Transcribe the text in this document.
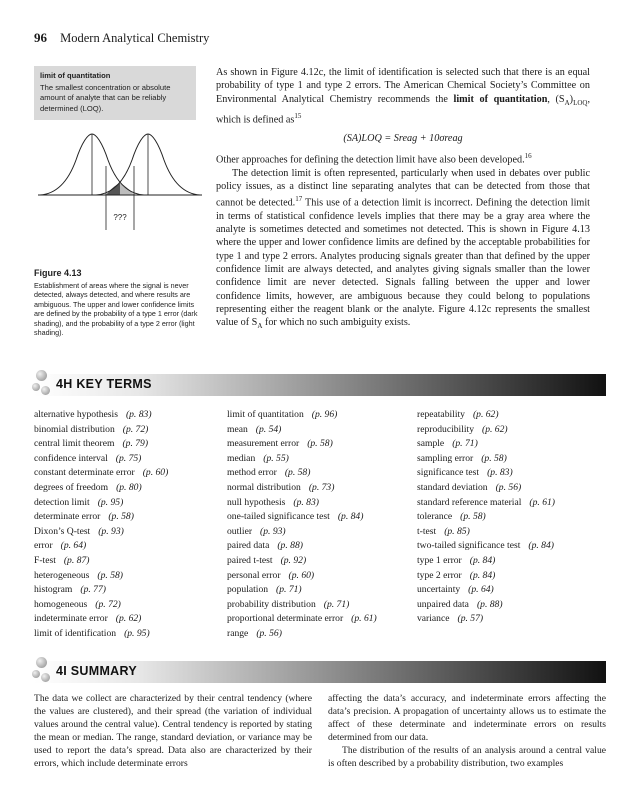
96 Modern Analytical Chemistry
limit of quantitation
The smallest concentration or absolute amount of analyte that can be reliably determined (LOQ).
???
Figure 4.13
Establishment of areas where the signal is never detected, always detected, and where results are ambiguous. The upper and lower confidence limits are defined by the probability of a type 1 error (dark shading), and the probability of a type 2 error (light shading).

As shown in Figure 4.12c, the limit of identification is selected such that there is an equal probability of type 1 and type 2 errors. The American Chemical Society’s Committee on Environmental Analytical Chemistry recommends the limit of quantitation, $(S_A)_{LOQ}$, which is defined $as^{15}$

(SA)LOQ = Sreag + 10σreag

Other approaches for defining the detection limit have also been developed.$^{16}$

The detection limit is often represented, particularly when used in debates over public policy issues, as a distinct line separating analytes that can be detected from those that cannot be detected.$^{17}$ This use of a detection limit is incorrect. Defining the detection limit in terms of statistical confidence levels implies that there may be a gray area where the analyte is sometimes detected and sometimes not detected. This is shown in Figure 4.13 where the upper and lower confidence limits are defined by the acceptable probabilities for type 1 and type 2 errors. Analytes producing signals greater than that defined by the upper confidence limit are always detected, and analytes giving signals smaller than the lower confidence limit are never detected. Signals falling between the upper and lower confidence limits, however, are ambiguous because they could belong to populations representing either the reagent blank or the analyte. Figure 4.12c represents the smallest value of $S_A$ for which no such ambiguity exists.

4H KEY TERMS
alternative hypothesis (p. 83)
binomial distribution (p. 72)
central limit theorem (p. 79)
confidence interval (p. 75)
constant determinate error (p. 60)
degrees of freedom (p. 80)
detection limit (p. 95)
determinate error (p. 58)
Dixon’s Q-test (p. 93)
error (p. 64)
F-test (p. 87)
heterogeneous (p. 58)
histogram (p. 77)
homogeneous (p. 72)
indeterminate error (p. 62)
limit of identification (p. 95)
limit of quantitation (p. 96)
mean (p. 54)
measurement error (p. 58)
median (p. 55)
method error (p. 58)
normal distribution (p. 73)
null hypothesis (p. 83)
one-tailed significance test (p. 84)
outlier (p. 93)
paired data (p. 88)
paired t-test (p. 92)
personal error (p. 60)
population (p. 71)
probability distribution (p. 71)
proportional determinate error (p. 61)
range (p. 56)
repeatability (p. 62)
reproducibility (p. 62)
sample (p. 71)
sampling error (p. 58)
significance test (p. 83)
standard deviation (p. 56)
standard reference material (p. 61)
tolerance (p. 58)
t-test (p. 85)
two-tailed significance test (p. 84)
type 1 error (p. 84)
type 2 error (p. 84)
uncertainty (p. 64)
unpaired data (p. 88)
variance (p. 57)
4I SUMMARY

The data we collect are characterized by their central tendency (where the values are clustered), and their spread (the variation of individual values around the central value). Central tendency is reported by stating the mean or median. The range, standard deviation, or variance may be used to report the data’s spread. Data also are characterized by their errors, which include determinate errors

affecting the data’s accuracy, and indeterminate errors affecting the data’s precision. A propagation of uncertainty allows us to estimate the affect of these determinate and indeterminate errors on results determined from our data.

The distribution of the results of an analysis around a central value is often described by a probability distribution, two examples
